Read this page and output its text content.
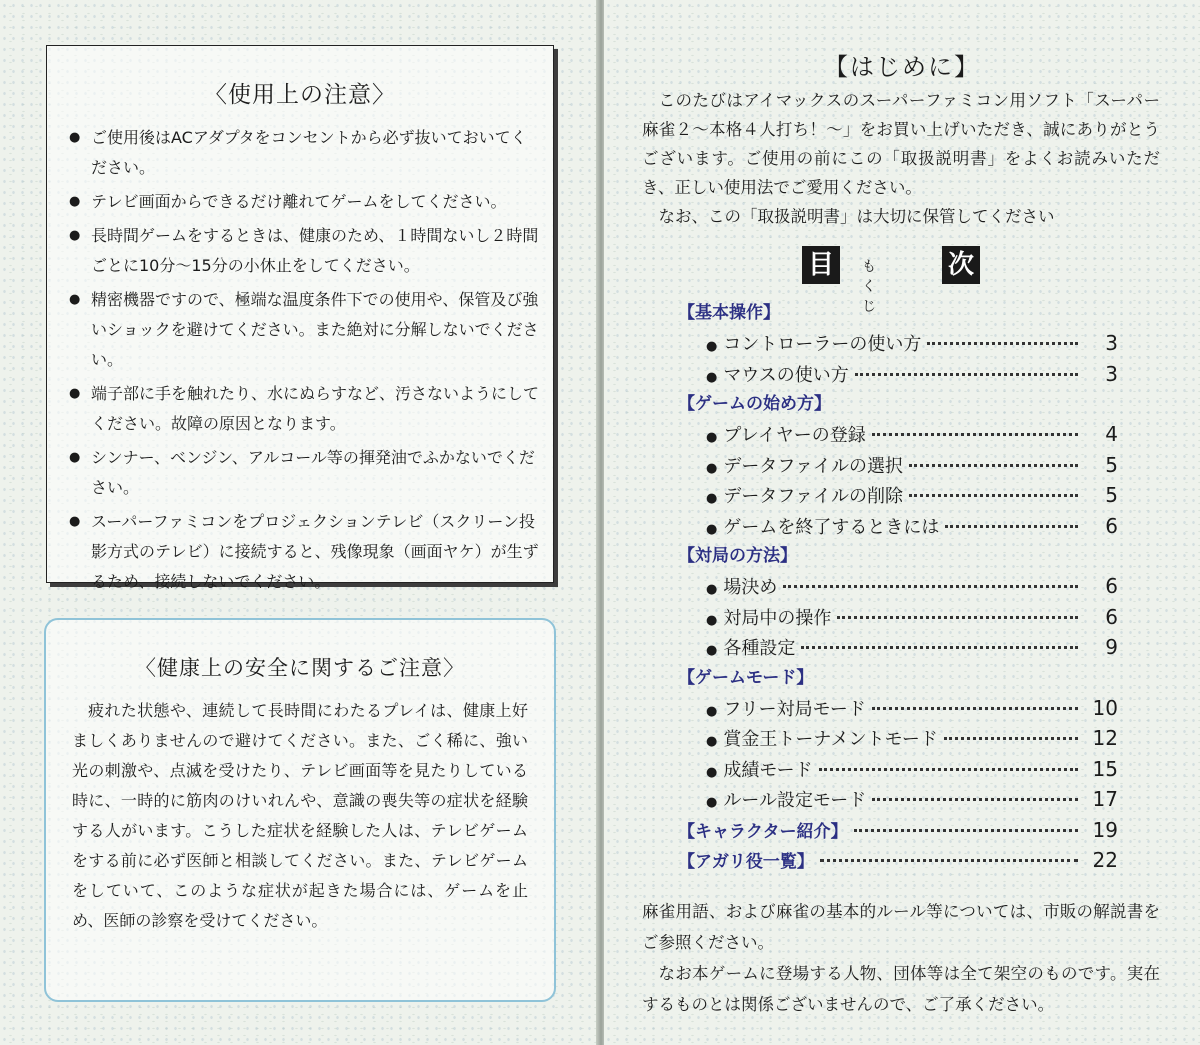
〈使用上の注意〉
● ご使用後はACアダプタをコンセントから必ず抜いておいてください。
● テレビ画面からできるだけ離れてゲームをしてください。
● 長時間ゲームをするときは、健康のため、１時間ないし２時間ごとに10分〜15分の小休止をしてください。
● 精密機器ですので、極端な温度条件下での使用や、保管及び強いショックを避けてください。また絶対に分解しないでください。
● 端子部に手を触れたり、水にぬらすなど、汚さないようにしてください。故障の原因となります。
● シンナー、ベンジン、アルコール等の揮発油でふかないでください。
● スーパーファミコンをプロジェクションテレビ（スクリーン投影方式のテレビ）に接続すると、残像現象（画面ヤケ）が生ずるため、接続しないでください。
〈健康上の安全に関するご注意〉
疲れた状態や、連続して長時間にわたるプレイは、健康上好ましくありませんので避けてください。また、ごく稀に、強い光の刺激や、点滅を受けたり、テレビ画面等を見たりしている時に、一時的に筋肉のけいれんや、意識の喪失等の症状を経験する人がいます。こうした症状を経験した人は、テレビゲームをする前に必ず医師と相談してください。また、テレビゲームをしていて、このような症状が起きた場合には、ゲームを止め、医師の診察を受けてください。
【はじめに】

このたびはアイマックスのスーパーファミコン用ソフト「スーパー麻雀２〜本格４人打ち！〜」をお買い上げいただき、誠にありがとうございます。ご使用の前にこの「取扱説明書」をよくお読みいただき、正しい使用法でご愛用ください。

なお、この「取扱説明書」は大切に保管してください

目	もくじ
次
【基本操作】
● コントローラーの使い方	3
● マウスの使い方	3
【ゲームの始め方】
● プレイヤーの登録	4
● データファイルの選択	5
● データファイルの削除	5
● ゲームを終了するときには	6
【対局の方法】
● 場決め	6
● 対局中の操作	6
● 各種設定	9
【ゲームモード】
● フリー対局モード	10
● 賞金王トーナメントモード	12
● 成績モード	15
● ルール設定モード	17
【キャラクター紹介】	19
【アガリ役一覧】	22

麻雀用語、および麻雀の基本的ルール等については、市販の解説書をご参照ください。

なお本ゲームに登場する人物、団体等は全て架空のものです。実在するものとは関係ございませんので、ご了承ください。
